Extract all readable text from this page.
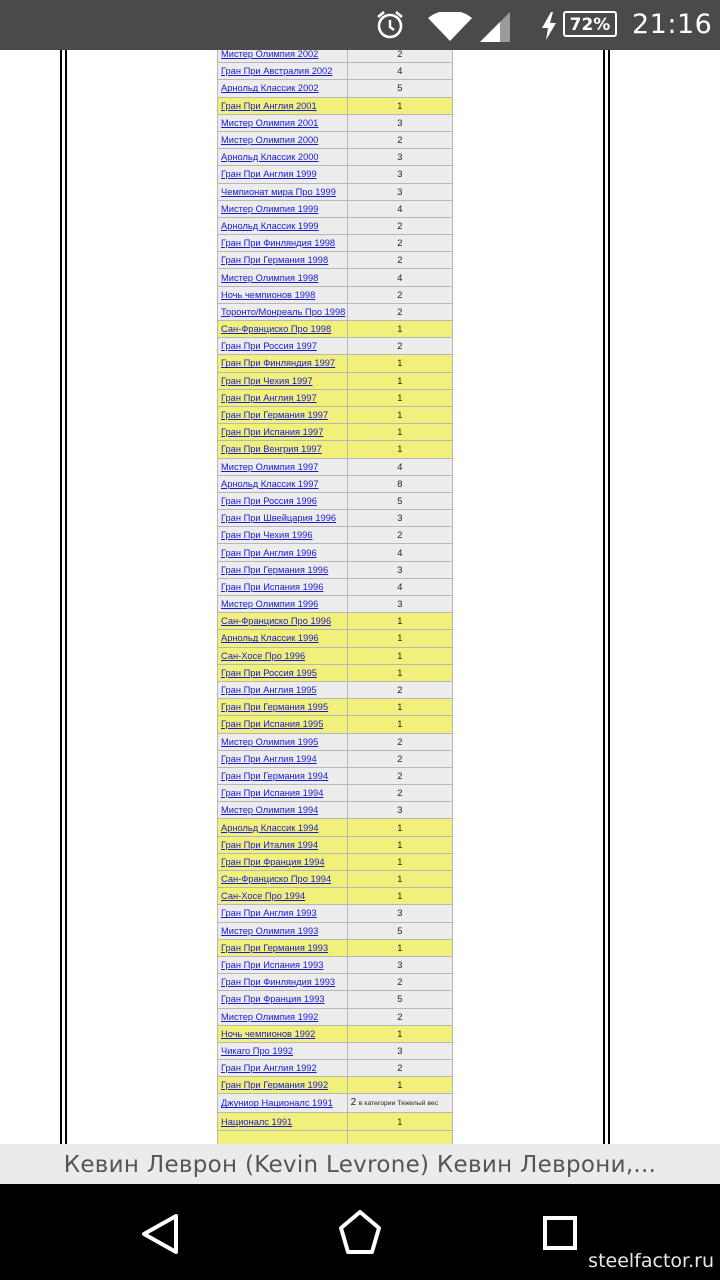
72% 21:16
Мистер Олимпия 2002	2
Гран При Австралия 2002	4
Арнольд Классик 2002	5
Гран При Англия 2001	1
Мистер Олимпия 2001	3
Мистер Олимпия 2000	2
Арнольд Классик 2000	3
Гран При Англия 1999	3
Чемпионат мира Про 1999	3
Мистер Олимпия 1999	4
Арнольд Классик 1999	2
Гран При Финляндия 1998	2
Гран При Германия 1998	2
Мистер Олимпия 1998	4
Ночь чемпионов 1998	2
Торонто/Монреаль Про 1998	2
Сан-Франциско Про 1998	1
Гран При Россия 1997	2
Гран При Финляндия 1997	1
Гран При Чехия 1997	1
Гран При Англия 1997	1
Гран При Германия 1997	1
Гран При Испания 1997	1
Гран При Венгрия 1997	1
Мистер Олимпия 1997	4
Арнольд Классик 1997	8
Гран При Россия 1996	5
Гран При Швейцария 1996	3
Гран При Чехия 1996	2
Гран При Англия 1996	4
Гран При Германия 1996	3
Гран При Испания 1996	4
Мистер Олимпия 1996	3
Сан-Франциско Про 1996	1
Арнольд Классик 1996	1
Сан-Хосе Про 1996	1
Гран При Россия 1995	1
Гран При Англия 1995	2
Гран При Германия 1995	1
Гран При Испания 1995	1
Мистер Олимпия 1995	2
Гран При Англия 1994	2
Гран При Германия 1994	2
Гран При Испания 1994	2
Мистер Олимпия 1994	3
Арнольд Классик 1994	1
Гран При Италия 1994	1
Гран При Франция 1994	1
Сан-Франциско Про 1994	1
Сан-Хосе Про 1994	1
Гран При Англия 1993	3
Мистер Олимпия 1993	5
Гран При Германия 1993	1
Гран При Испания 1993	3
Гран При Финляндия 1993	2
Гран При Франция 1993	5
Мистер Олимпия 1992	2
Ночь чемпионов 1992	1
Чикаго Про 1992	3
Гран При Англия 1992	2
Гран При Германия 1992	1
Джуниор Националс 1991	2 в категории Тяжелый вес
Националс 1991	1

Кевин Леврон (Kevin Levrone) Кевин Леврони,...
steelfactor.ru
